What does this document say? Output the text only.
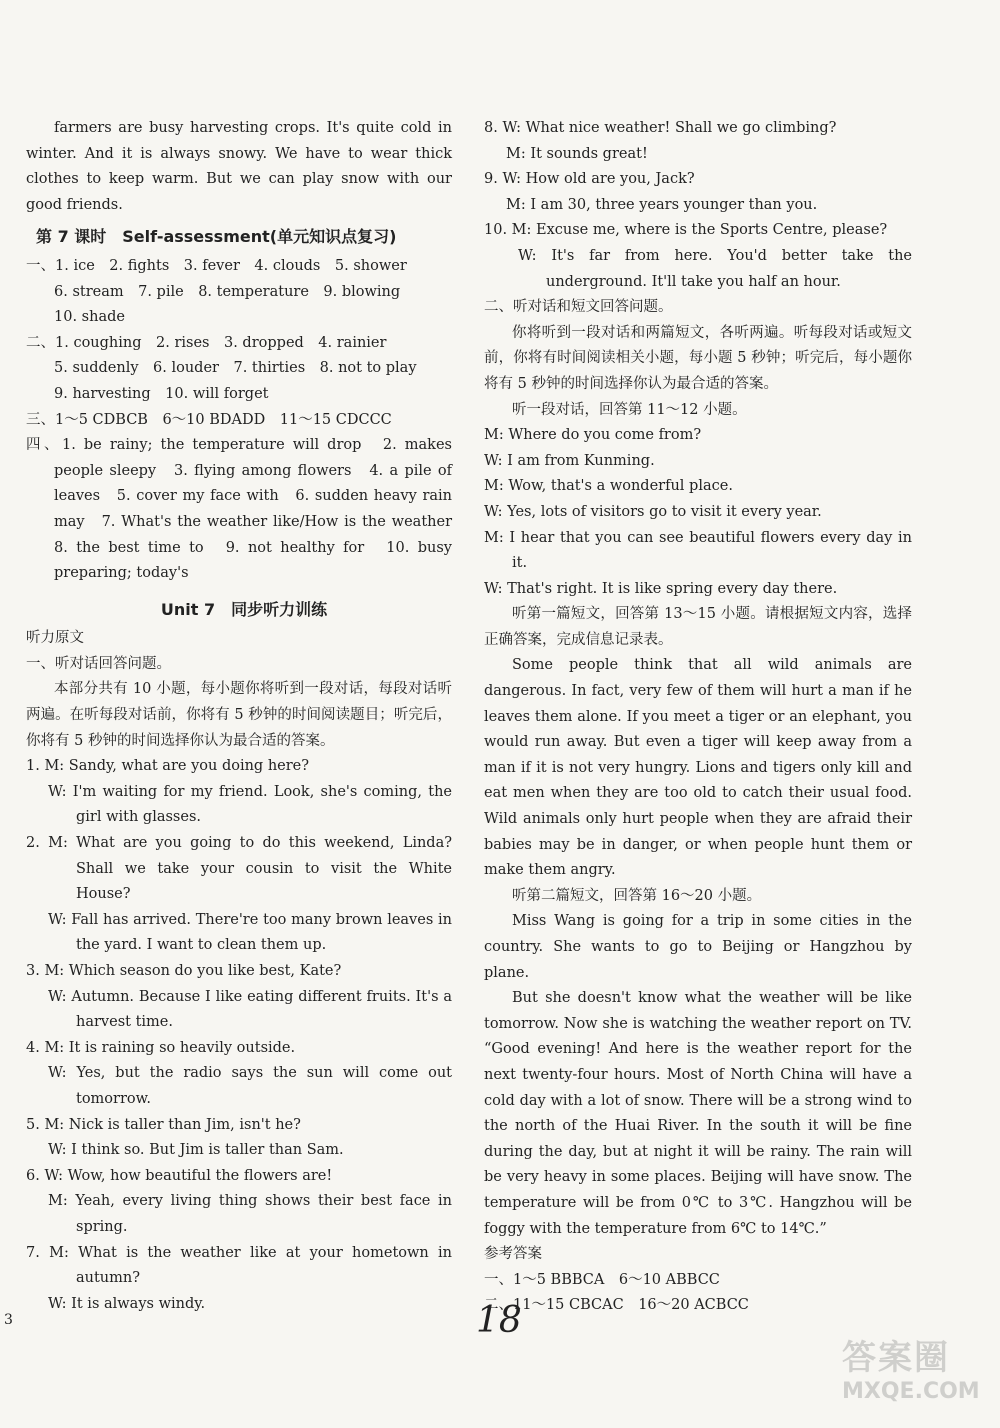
farmers are busy harvesting crops. It's quite cold in winter. And it is always snowy. We have to wear thick clothes to keep warm. But we can play snow with our good friends.
第 7 课时　Self-assessment(单元知识点复习)
一、1. ice　2. fights　3. fever　4. clouds　5. shower
6. stream　7. pile　8. temperature　9. blowing
10. shade
二、1. coughing　2. rises　3. dropped　4. rainier
5. suddenly　6. louder　7. thirties　8. not to play
9. harvesting　10. will forget
三、1～5 CDBCB　6～10 BDADD　11～15 CDCCC
四、1. be rainy; the temperature will drop　2. makes people sleepy　3. flying among flowers　4. a pile of leaves　5. cover my face with　6. sudden heavy rain may　7. What's the weather like/How is the weather　8. the best time to　9. not healthy for　10. busy preparing; today's
Unit 7　同步听力训练
听力原文
一、听对话回答问题。
本部分共有 10 小题，每小题你将听到一段对话，每段对话听两遍。在听每段对话前，你将有 5 秒钟的时间阅读题目；听完后，你将有 5 秒钟的时间选择你认为最合适的答案。
1. M: Sandy, what are you doing here?
W: I'm waiting for my friend. Look, she's coming, the girl with glasses.
2. M: What are you going to do this weekend, Linda? Shall we take your cousin to visit the White House?
W: Fall has arrived. There're too many brown leaves in the yard. I want to clean them up.
3. M: Which season do you like best, Kate?
W: Autumn. Because I like eating different fruits. It's a harvest time.
4. M: It is raining so heavily outside.
W: Yes, but the radio says the sun will come out tomorrow.
5. M: Nick is taller than Jim, isn't he?
W: I think so. But Jim is taller than Sam.
6. W: Wow, how beautiful the flowers are!
M: Yeah, every living thing shows their best face in spring.
7. M: What is the weather like at your hometown in autumn?
W: It is always windy.
8. W: What nice weather! Shall we go climbing?
M: It sounds great!
9. W: How old are you, Jack?
M: I am 30, three years younger than you.
10. M: Excuse me, where is the Sports Centre, please?
W: It's far from here. You'd better take the underground. It'll take you half an hour.
二、听对话和短文回答问题。
你将听到一段对话和两篇短文，各听两遍。听每段对话或短文前，你将有时间阅读相关小题，每小题 5 秒钟；听完后，每小题你将有 5 秒钟的时间选择你认为最合适的答案。
听一段对话，回答第 11～12 小题。
M: Where do you come from?
W: I am from Kunming.
M: Wow, that's a wonderful place.
W: Yes, lots of visitors go to visit it every year.
M: I hear that you can see beautiful flowers every day in it.
W: That's right. It is like spring every day there.
听第一篇短文，回答第 13～15 小题。请根据短文内容，选择正确答案，完成信息记录表。
Some people think that all wild animals are dangerous. In fact, very few of them will hurt a man if he leaves them alone. If you meet a tiger or an elephant, you would run away. But even a tiger will keep away from a man if it is not very hungry. Lions and tigers only kill and eat men when they are too old to catch their usual food. Wild animals only hurt people when they are afraid their babies may be in danger, or when people hunt them or make them angry.
听第二篇短文，回答第 16～20 小题。
Miss Wang is going for a trip in some cities in the country. She wants to go to Beijing or Hangzhou by plane.
But she doesn't know what the weather will be like tomorrow. Now she is watching the weather report on TV. “Good evening! And here is the weather report for the next twenty-four hours. Most of North China will have a cold day with a lot of snow. There will be a strong wind to the north of the Huai River. In the south it will be fine during the day, but at night it will be rainy. The rain will be very heavy in some places. Beijing will have snow. The temperature will be from 0℃ to 3℃. Hangzhou will be foggy with the temperature from 6℃ to 14℃.”
参考答案
一、1～5 BBBCA　6～10 ABBCC
二、11～15 CBCAC　16～20 ACBCC
3	18
答案圈
MXQE.COM
